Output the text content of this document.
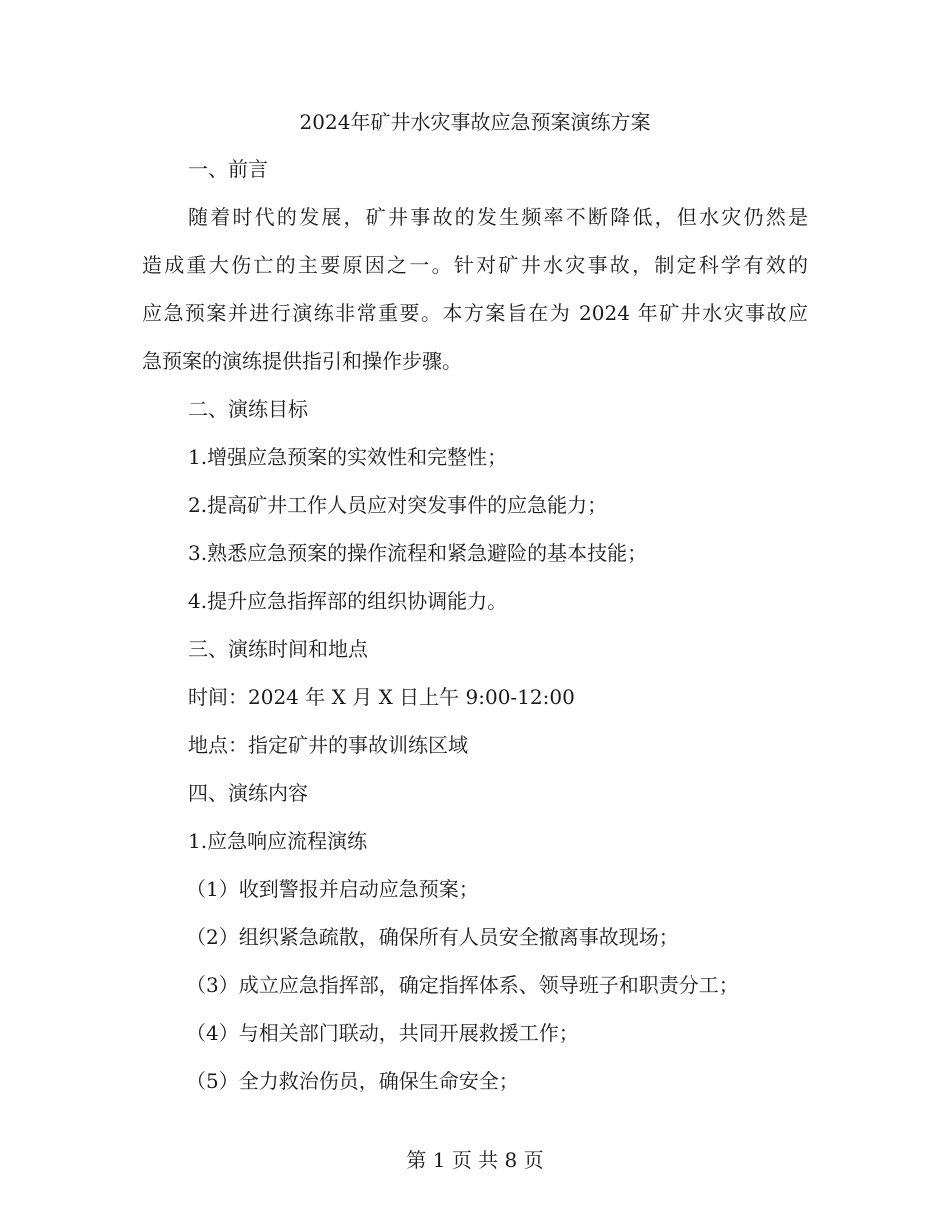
2024年矿井水灾事故应急预案演练方案
一、前言
随着时代的发展，矿井事故的发生频率不断降低，但水灾仍然是
造成重大伤亡的主要原因之一。针对矿井水灾事故，制定科学有效的
应急预案并进行演练非常重要。本方案旨在为 2024 年矿井水灾事故应
急预案的演练提供指引和操作步骤。
二、演练目标
1.增强应急预案的实效性和完整性；
2.提高矿井工作人员应对突发事件的应急能力；
3.熟悉应急预案的操作流程和紧急避险的基本技能；
4.提升应急指挥部的组织协调能力。
三、演练时间和地点
时间：2024 年 X 月 X 日上午 9:00-12:00
地点：指定矿井的事故训练区域
四、演练内容
1.应急响应流程演练
（1）收到警报并启动应急预案；
（2）组织紧急疏散，确保所有人员安全撤离事故现场；
（3）成立应急指挥部，确定指挥体系、领导班子和职责分工；
（4）与相关部门联动，共同开展救援工作；
（5）全力救治伤员，确保生命安全；
第 1 页 共 8 页
